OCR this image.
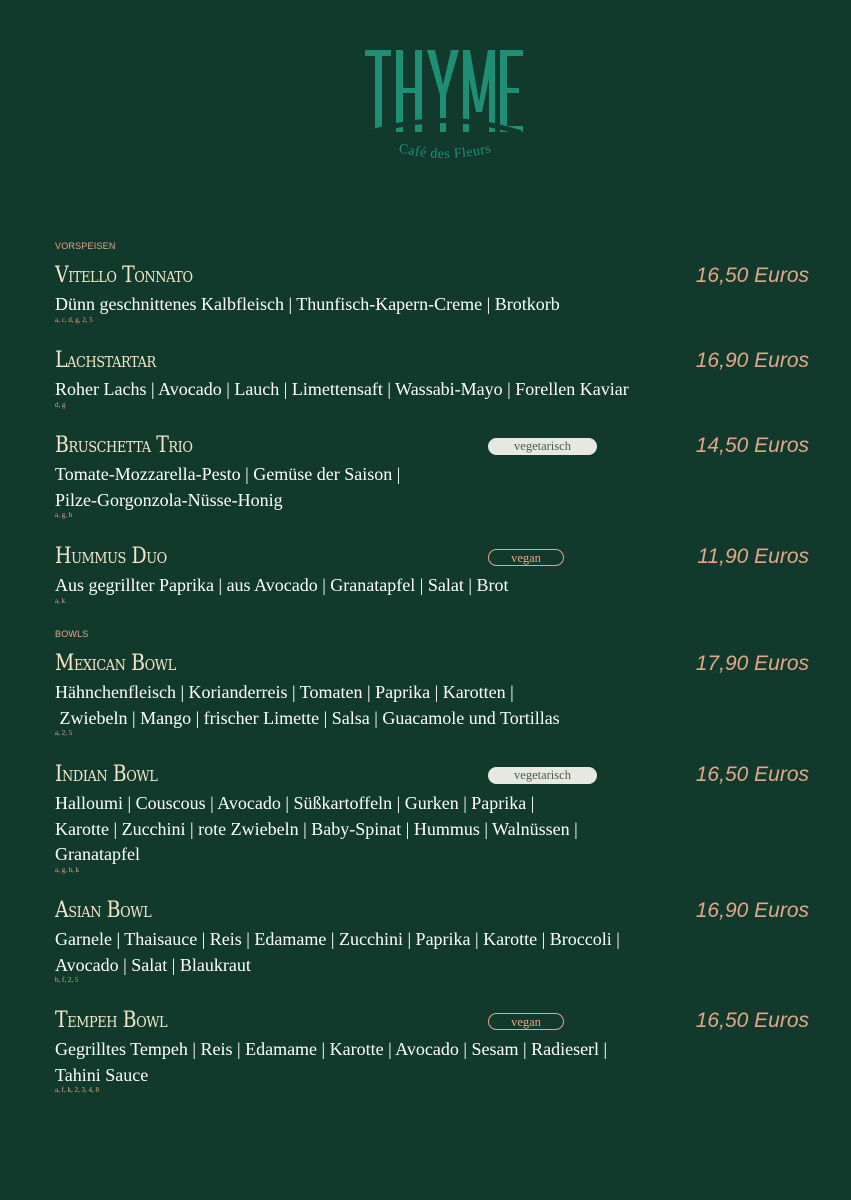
Café des Fleurs
VORSPEISEN
BOWLS
Vitello Tonnato	16,50 Euros
Dünn geschnittenes Kalbfleisch | Thunfisch-Kapern-Creme | Brotkorb
a, c, d, g, 2, 5
Lachstartar	16,90 Euros
Roher Lachs | Avocado | Lauch | Limettensaft | Wassabi-Mayo | Forellen Kaviar
d, g
Bruschetta Trio	vegetarisch	14,50 Euros
Tomate-Mozzarella-Pesto | Gemüse der Saison |
Pilze-Gorgonzola-Nüsse-Honig
a, g, h
Hummus Duo	vegan	11,90 Euros
Aus gegrillter Paprika | aus Avocado | Granatapfel | Salat | Brot
a, k
Mexican Bowl	17,90 Euros
Hähnchenfleisch | Korianderreis | Tomaten | Paprika | Karotten |
Zwiebeln | Mango | frischer Limette | Salsa | Guacamole und Tortillas
a, 2, 5
Indian Bowl	vegetarisch	16,50 Euros
Halloumi | Couscous | Avocado | Süßkartoffeln | Gurken | Paprika |
Karotte | Zucchini | rote Zwiebeln | Baby-Spinat | Hummus | Walnüssen |
Granatapfel
a, g, h, k
Asian Bowl	16,90 Euros
Garnele | Thaisauce | Reis | Edamame | Zucchini | Paprika | Karotte | Broccoli |
Avocado | Salat | Blaukraut
b, f, 2, 5
Tempeh Bowl	vegan	16,50 Euros
Gegrilltes Tempeh | Reis | Edamame | Karotte | Avocado | Sesam | Radieserl |
Tahini Sauce
a, f, k, 2, 3, 4, 8
